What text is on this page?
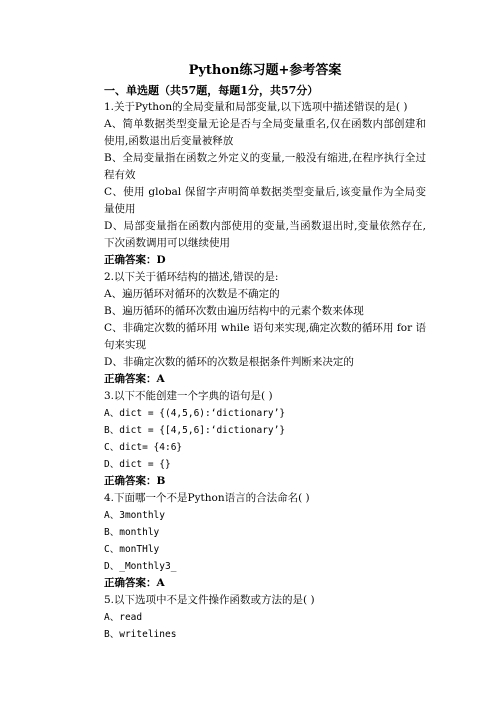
Python练习题+参考答案
一、单选题（共57题，每题1分，共57分）
1.关于Python的全局变量和局部变量,以下选项中描述错误的是( )
A、简单数据类型变量无论是否与全局变量重名,仅在函数内部创建和使用,函数退出后变量被释放
B、全局变量指在函数之外定义的变量,一般没有缩进,在程序执行全过程有效
C、使用 global 保留字声明简单数据类型变量后,该变量作为全局变量使用
D、局部变量指在函数内部使用的变量,当函数退出时,变量依然存在,下次函数调用可以继续使用
正确答案：D
2.以下关于循环结构的描述,错误的是:
A、遍历循环对循环的次数是不确定的
B、遍历循环的循环次数由遍历结构中的元素个数来体现
C、非确定次数的循环用 while 语句来实现,确定次数的循环用 for 语句来实现
D、非确定次数的循环的次数是根据条件判断来决定的
正确答案：A
3.以下不能创建一个字典的语句是( )
A、dict = {(4,5,6):‘dictionary’}
B、dict = {[4,5,6]:‘dictionary’}
C、dict= {4:6}
D、dict = {}
正确答案：B
4.下面哪一个不是Python语言的合法命名( )
A、3monthly
B、monthly
C、monTHly
D、_Monthly3_
正确答案：A
5.以下选项中不是文件操作函数或方法的是( )
A、read
B、writelines
